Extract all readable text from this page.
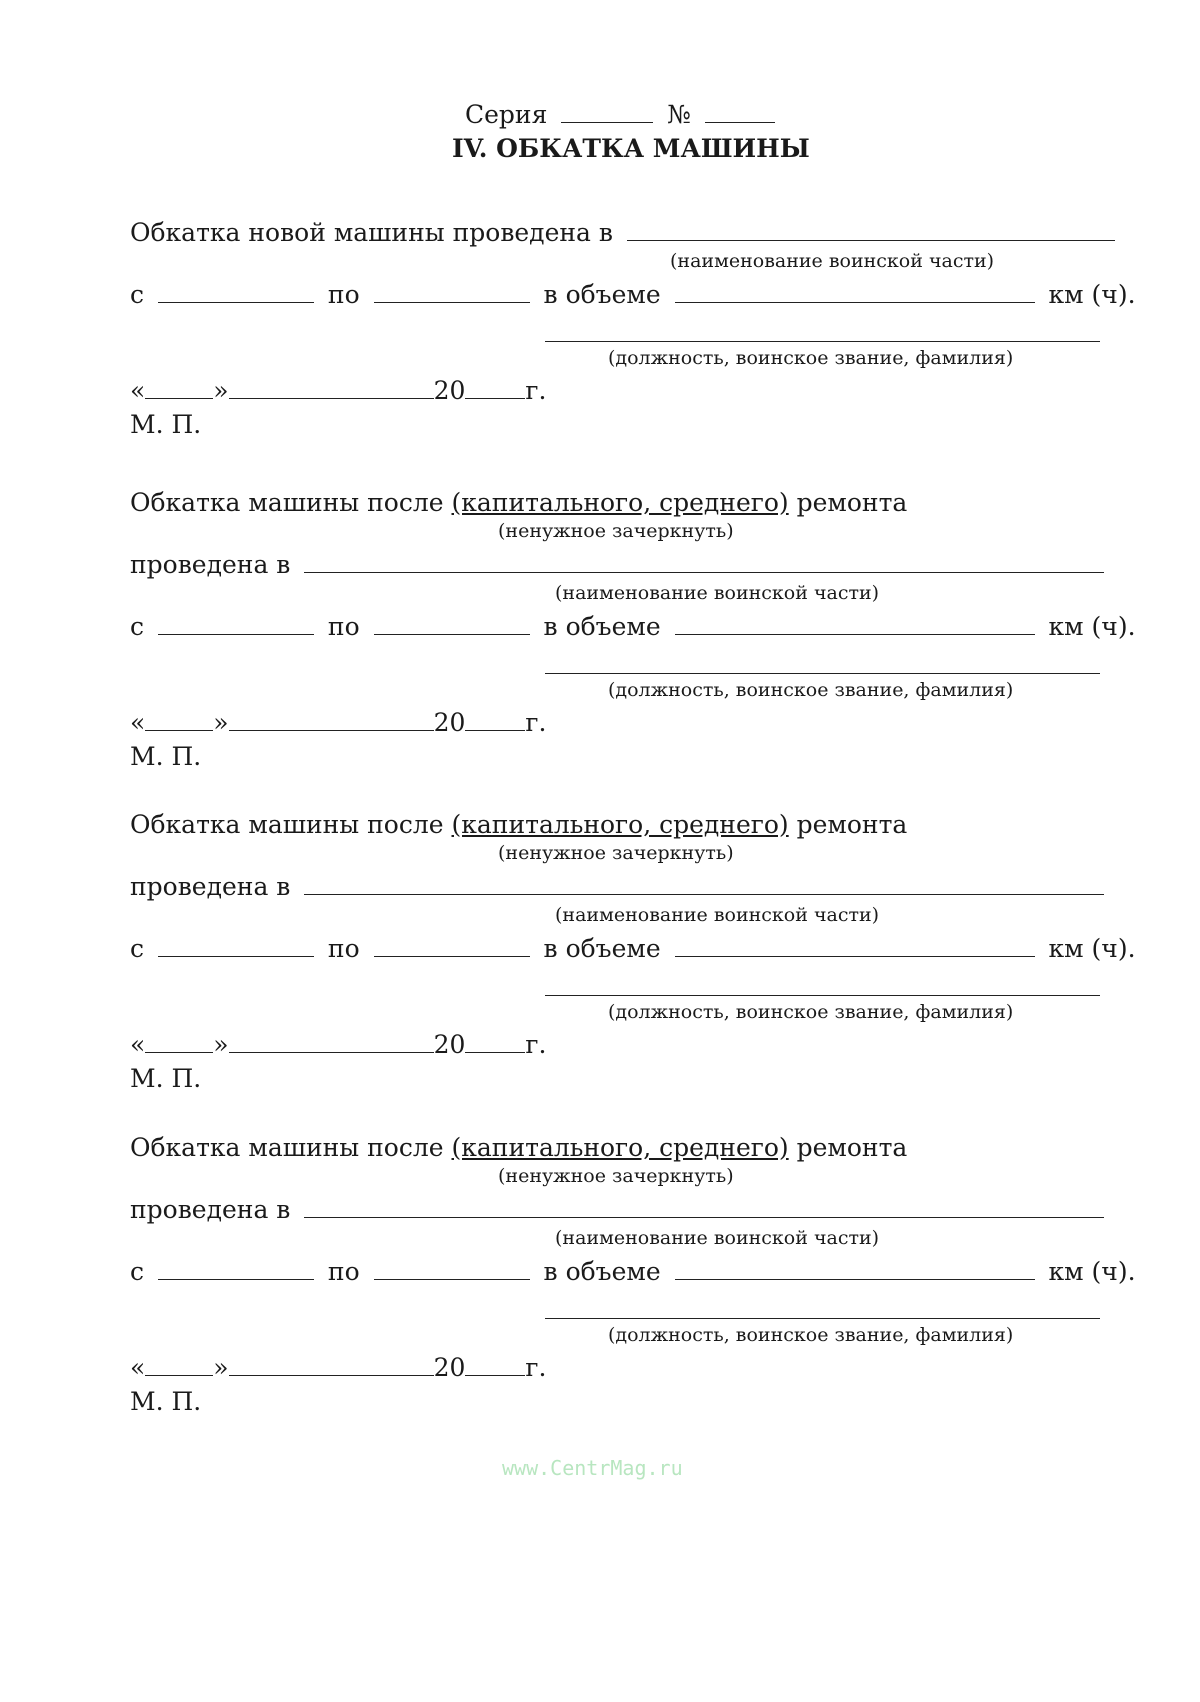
Серия	№
IV. ОБКАТКА МАШИНЫ
Обкатка новой машины проведена в
(наименование воинской части)
с	по	в объеме	км (ч).
(должность, воинское звание, фамилия)
«	»	20 г.
М. П.
Обкатка машины после (капитального, среднего) ремонта
(ненужное зачеркнуть)
проведена в
(наименование воинской части)
с	по	в объеме	км (ч).
(должность, воинское звание, фамилия)
«	»	20 г.
М. П.
Обкатка машины после (капитального, среднего) ремонта
(ненужное зачеркнуть)
проведена в
(наименование воинской части)
с	по	в объеме	км (ч).
(должность, воинское звание, фамилия)
«	»	20 г.
М. П.
Обкатка машины после (капитального, среднего) ремонта
(ненужное зачеркнуть)
проведена в
(наименование воинской части)
с	по	в объеме	км (ч).
(должность, воинское звание, фамилия)
«	»	20 г.
М. П.
www.CentrMag.ru
